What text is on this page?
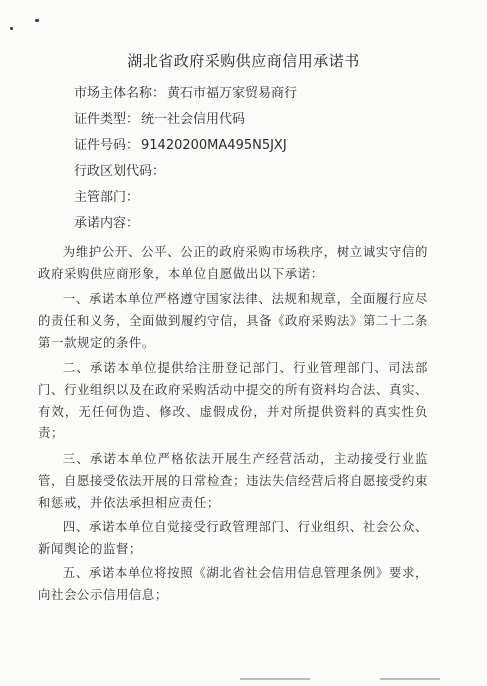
湖北省政府采购供应商信用承诺书
市场主体名称： 黄石市福万家贸易商行
证件类型： 统一社会信用代码
证件号码： 91420200MA495N5JXJ
行政区划代码：
主管部门：
承诺内容：

为维护公开、公平、公正的政府采购市场秩序，树立诚实守信的政府采购供应商形象，本单位自愿做出以下承诺：

一、承诺本单位严格遵守国家法律、法规和规章，全面履行应尽的责任和义务，全面做到履约守信，具备《政府采购法》第二十二条第一款规定的条件。

二、承诺本单位提供给注册登记部门、行业管理部门、司法部门、行业组织以及在政府采购活动中提交的所有资料均合法、真实、有效，无任何伪造、修改、虚假成份，并对所提供资料的真实性负责；

三、承诺本单位严格依法开展生产经营活动，主动接受行业监管，自愿接受依法开展的日常检查；违法失信经营后将自愿接受约束和惩戒，并依法承担相应责任；

四、承诺本单位自觉接受行政管理部门、行业组织、社会公众、新闻舆论的监督；

五、承诺本单位将按照《湖北省社会信用信息管理条例》要求，向社会公示信用信息；
